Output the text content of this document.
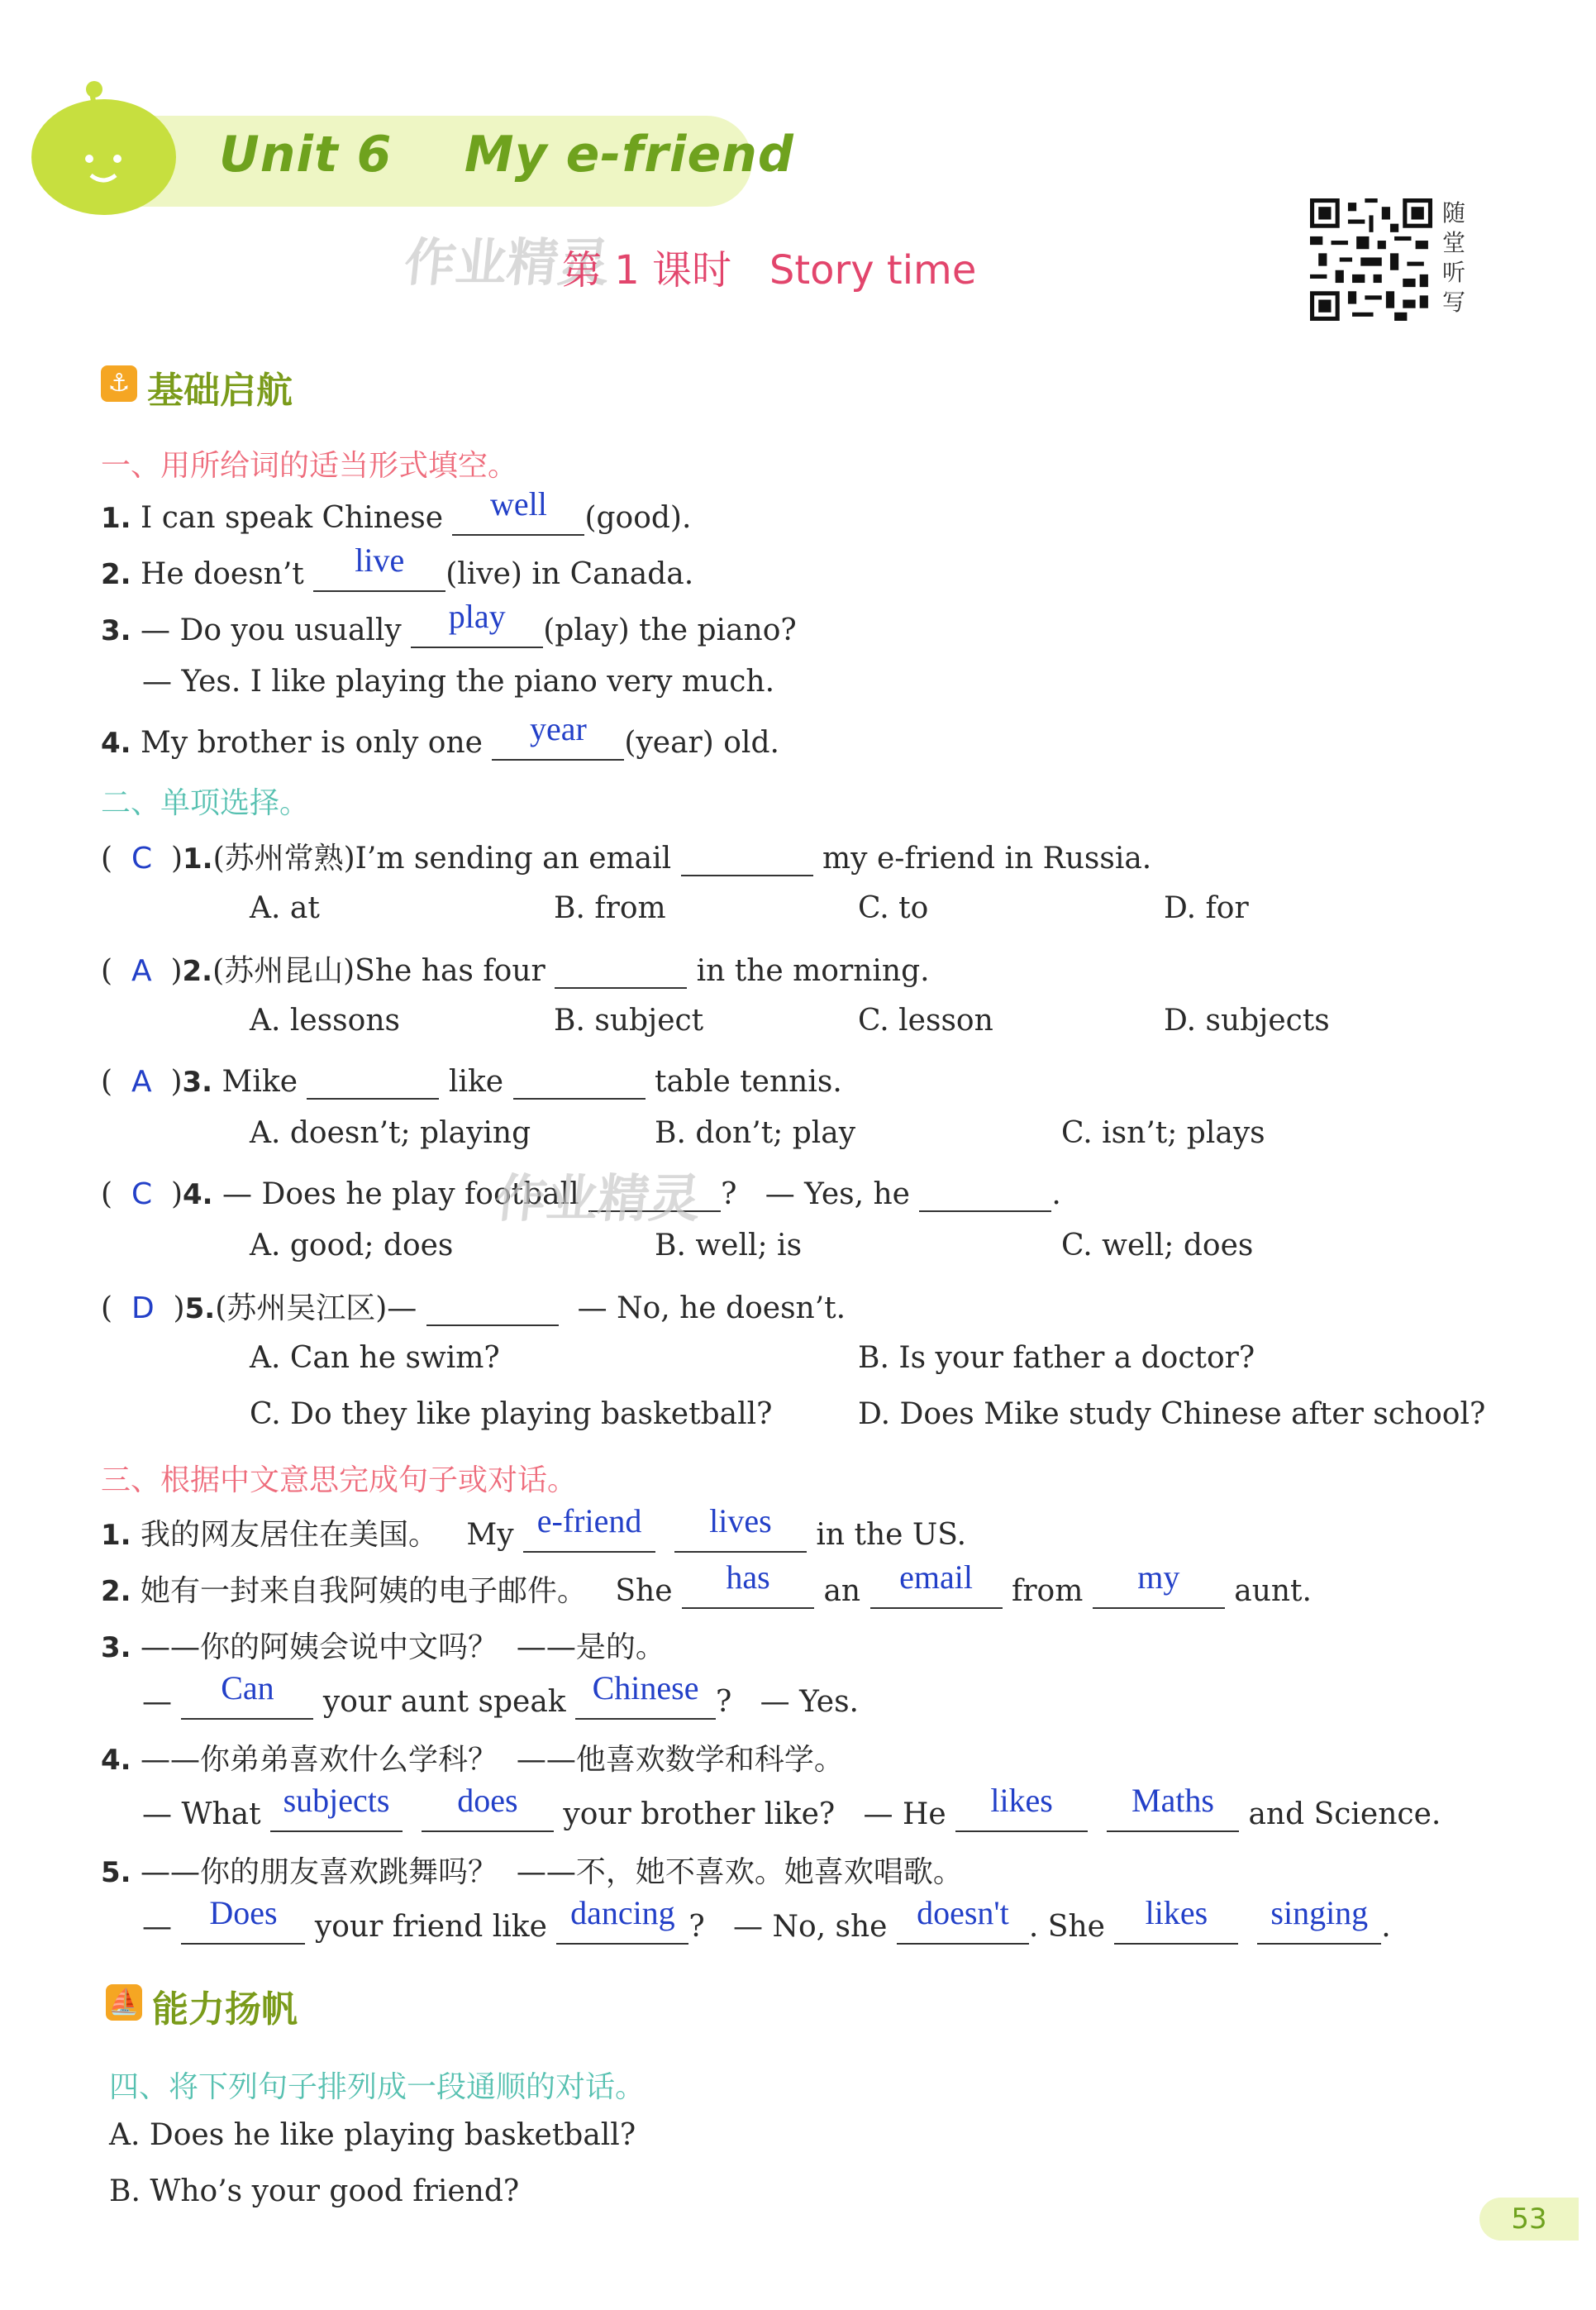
Unit 6    My e-friend
作业精灵
第 1 课时 Story time
随
堂
听
写
⚓ 基础启航
一、用所给词的适当形式填空。
1. I can speak Chinese	well	(good).
2. He doesn’t	live	(live) in Canada.
3. — Do you usually	play	(play) the piano?
— Yes. I like playing the piano very much.
4. My brother is only one	year	(year) old.
二、单项选择。
(  C  )1.(苏州常熟)I’m sending an email	my e-friend in Russia.
A. at	B. from	C. to	D. for
(  A  )2.(苏州昆山)She has four	in the morning.
A. lessons	B. subject	C. lesson	D. subjects
(  A  )3. Mike	like	table tennis.
A. doesn’t; playing	B. don’t; play	C. isn’t; plays
(  C  )4. — Does he play football	?   — Yes, he	.
作业精灵
A. good; does	B. well; is	C. well; does
(  D  )5.(苏州吴江区)—	— No, he doesn’t.
A. Can he swim?	B. Is your father a doctor?
C. Do they like playing basketball?	D. Does Mike study Chinese after school?
三、根据中文意思完成句子或对话。
1. 我的网友居住在美国。 My e-friend
	lives	in the US.
2. 她有一封来自我阿姨的电子邮件。 She	has	an email from	my	aunt.
3. ——你的阿姨会说中文吗？  ——是的。
—	Can	your aunt speak Chinese ?   — Yes.
4. ——你弟弟喜欢什么学科？  ——他喜欢数学和科学。
— What subjects
	does	your brother like?   — He	likes
	Maths and Science.
5. ——你的朋友喜欢跳舞吗？  ——不，她不喜欢。她喜欢唱歌。
— Does your friend like dancing ?   — No, she doesn't . She likes
	singing .
⛵ 能力扬帆
四、将下列句子排列成一段通顺的对话。
A. Does he like playing basketball?
B. Who’s your good friend?
53
